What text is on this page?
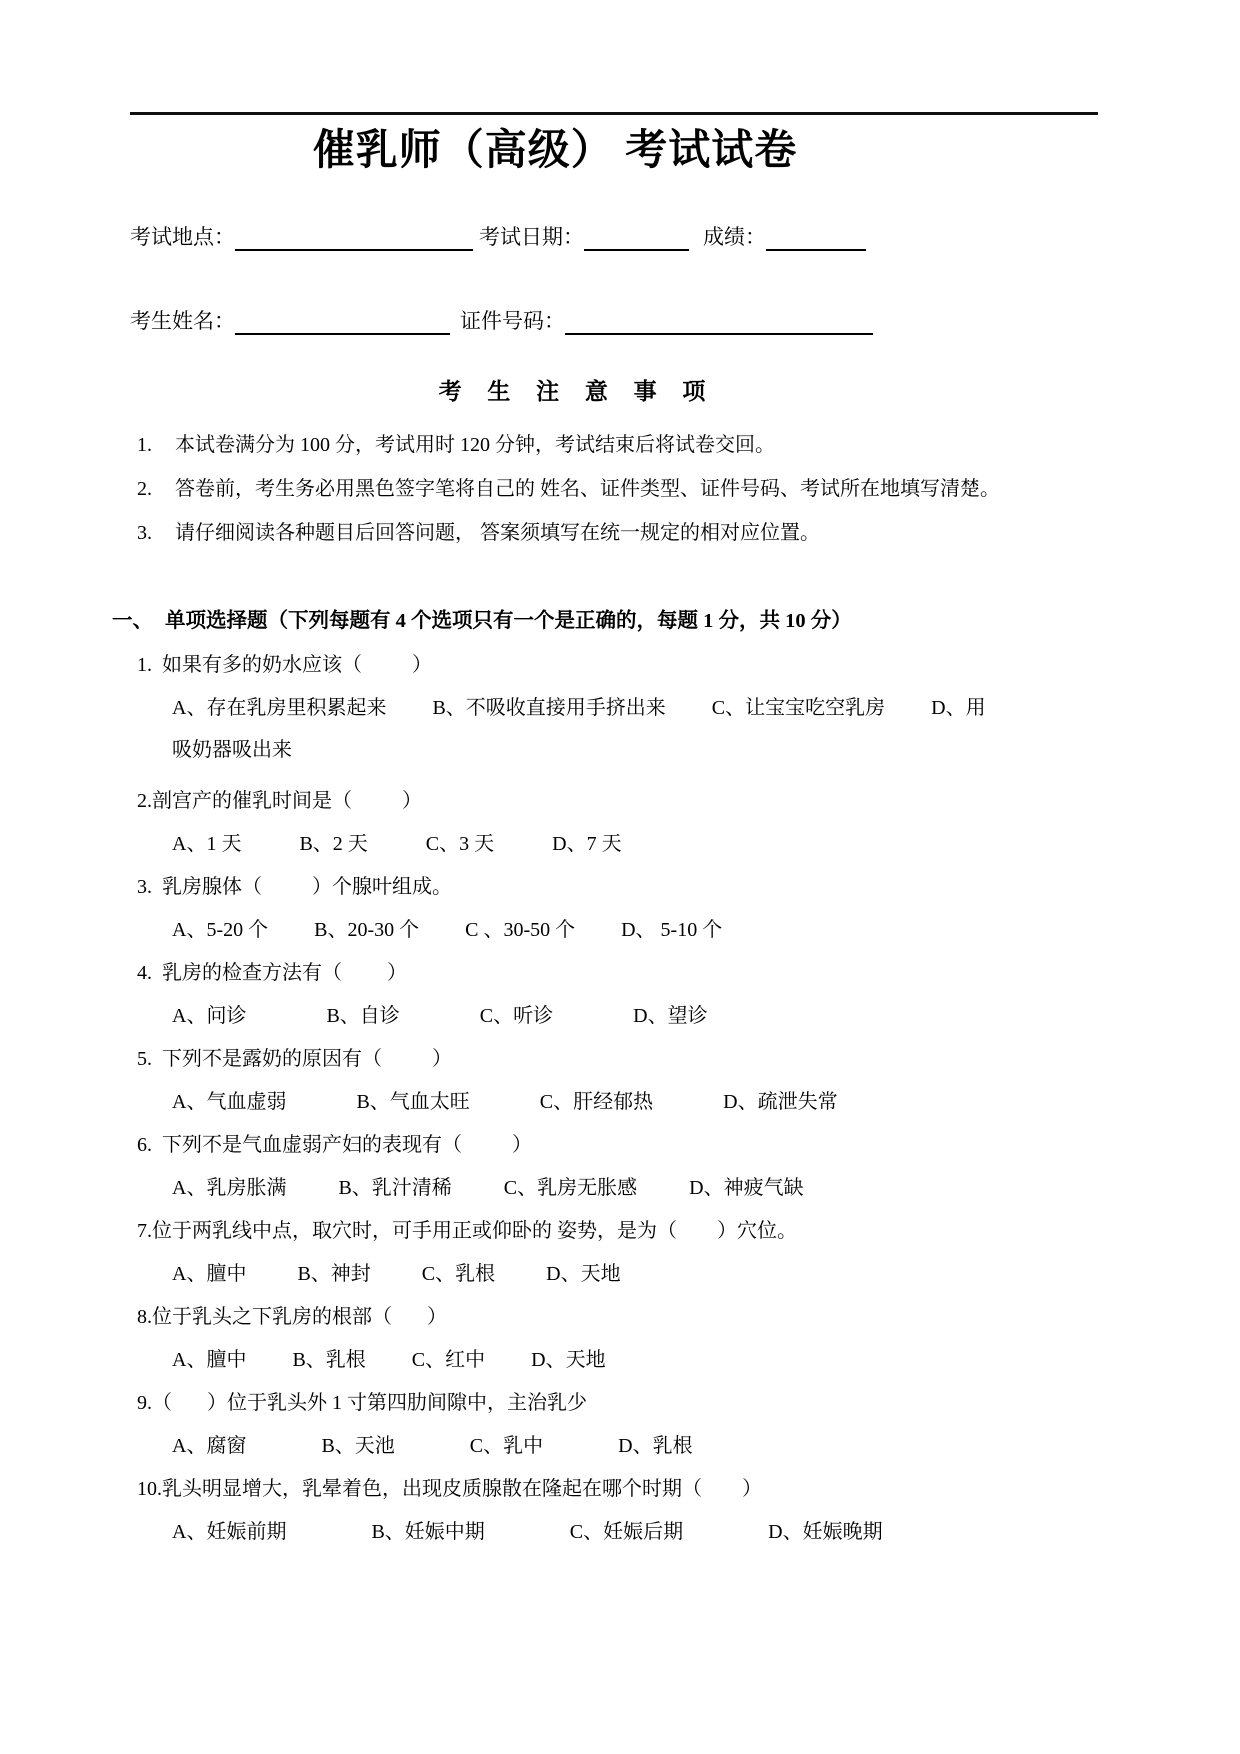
催乳师（高级） 考试试卷
考试地点：	考试日期：	成绩：
考生姓名：	证件号码：
考 生 注 意 事 项
1.	本试卷满分为 100 分，考试用时 120 分钟，考试结束后将试卷交回。
2.	答卷前，考生务必用黑色签字笔将自己的 姓名、证件类型、证件号码、考试所在地填写清楚。
3.	请仔细阅读各种题目后回答问题， 答案须填写在统一规定的相对应位置。
一、 单项选择题（下列每题有 4 个选项只有一个是正确的，每题 1 分，共 10 分）
1.  如果有多的奶水应该（          ）
A、存在乳房里积累起来 B、不吸收直接用手挤出来 C、让宝宝吃空乳房 D、用吸奶器吸出来
2.剖宫产的催乳时间是（          ）
A、1 天	B、2 天	C、3 天	D、7 天
3.  乳房腺体（          ）个腺叶组成。
A、5-20 个 B、20-30 个 C 、30-50 个 D、 5-10 个
4.  乳房的检查方法有（         ）
A、问诊	B、自诊	C、听诊	D、望诊
5.  下列不是露奶的原因有（          ）
A、气血虚弱	B、气血太旺	C、肝经郁热	D、疏泄失常
6.  下列不是气血虚弱产妇的表现有（          ）
A、乳房胀满	B、乳汁清稀	C、乳房无胀感	D、神疲气缺
7.位于两乳线中点，取穴时，可手用正或仰卧的 姿势，是为（        ）穴位。
A、膻中	B、神封	C、乳根	D、天地
8.位于乳头之下乳房的根部（       ）
A、膻中 B、乳根 C、红中 D、天地
9.（       ）位于乳头外 1 寸第四肋间隙中，主治乳少
A、腐窗	B、天池	C、乳中	D、乳根
10.乳头明显增大，乳晕着色，出现皮质腺散在隆起在哪个时期（        ）
A、妊娠前期	B、妊娠中期	C、妊娠后期	D、妊娠晚期
